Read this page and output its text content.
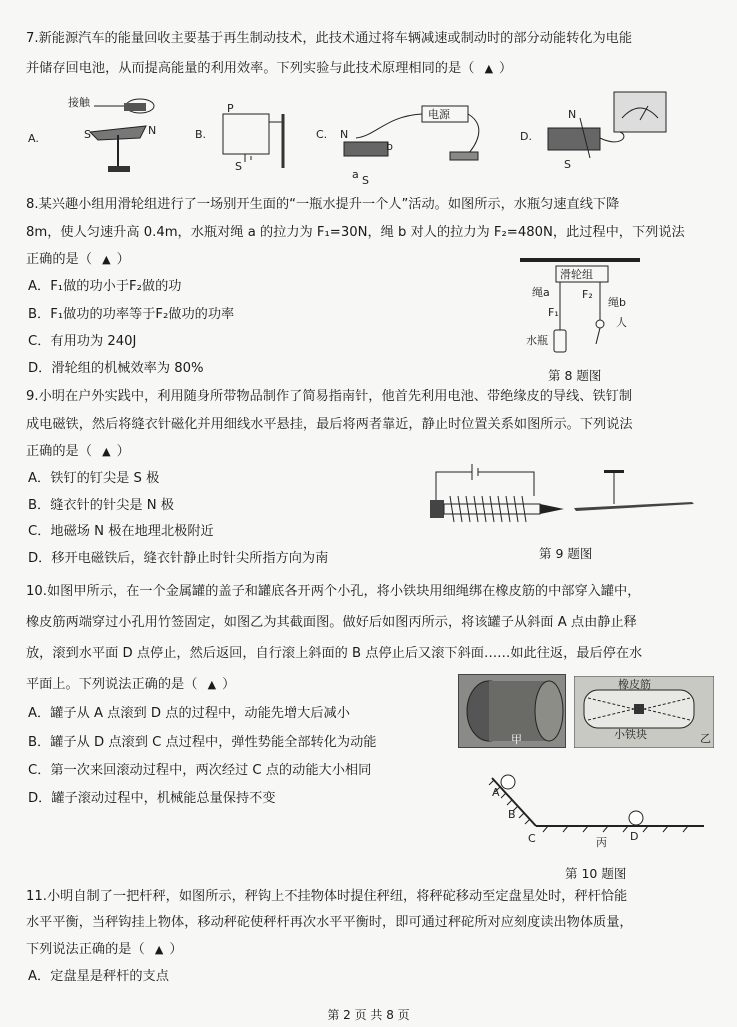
7.新能源汽车的能量回收主要基于再生制动技术，此技术通过将车辆减速或制动时的部分动能转化为电能
并储存回电池，从而提高能量的利用效率。下列实验与此技术原理相同的是（ ▲ ）
A.
接触
S	N	B.
P
S
C.
电源
N
b
a S
D.
N
S
8.某兴趣小组用滑轮组进行了一场别开生面的“一瓶水提升一个人”活动。如图所示，水瓶匀速直线下降
8m，使人匀速升高 0.4m，水瓶对绳 a 的拉力为 F₁=30N，绳 b 对人的拉力为 F₂=480N，此过程中，下列说法
正确的是（ ▲ ）
A．F₁做的功小于F₂做的功
B．F₁做功的功率等于F₂做功的功率
C．有用功为 240J
D．滑轮组的机械效率为 80%
滑轮组
绳a	F₂
绳b
F₁
水瓶
人
第 8 题图
9.小明在户外实践中，利用随身所带物品制作了简易指南针，他首先利用电池、带绝缘皮的导线、铁钉制
成电磁铁，然后将缝衣针磁化并用细线水平悬挂，最后将两者靠近，静止时位置关系如图所示。下列说法
正确的是（ ▲ ）
A．铁钉的钉尖是 S 极
B．缝衣针的针尖是 N 极
C．地磁场 N 极在地理北极附近
D．移开电磁铁后，缝衣针静止时针尖所指方向为南	第 9 题图
10.如图甲所示，在一个金属罐的盖子和罐底各开两个小孔，将小铁块用细绳绑在橡皮筋的中部穿入罐中，
橡皮筋两端穿过小孔用竹签固定，如图乙为其截面图。做好后如图丙所示，将该罐子从斜面 A 点由静止释
放，滚到水平面 D 点停止，然后返回，自行滚上斜面的 B 点停止后又滚下斜面……如此往返，最后停在水
平面上。下列说法正确的是（ ▲ ）
A．罐子从 A 点滚到 D 点的过程中，动能先增大后减小
B．罐子从 D 点滚到 C 点过程中，弹性势能全部转化为动能
C．第一次来回滚动过程中，两次经过 C 点的动能大小相同
D．罐子滚动过程中，机械能总量保持不变
甲
橡皮筋
小铁块	乙
A
B
C	D
丙
第 10 题图
11.小明自制了一把杆秤，如图所示，秤钩上不挂物体时提住秤纽，将秤砣移动至定盘星处时，秤杆恰能
水平平衡，当秤钩挂上物体，移动秤砣使秤杆再次水平平衡时，即可通过秤砣所对应刻度读出物体质量，
下列说法正确的是（ ▲ ）
A．定盘星是秤杆的支点
第 2 页 共 8 页
